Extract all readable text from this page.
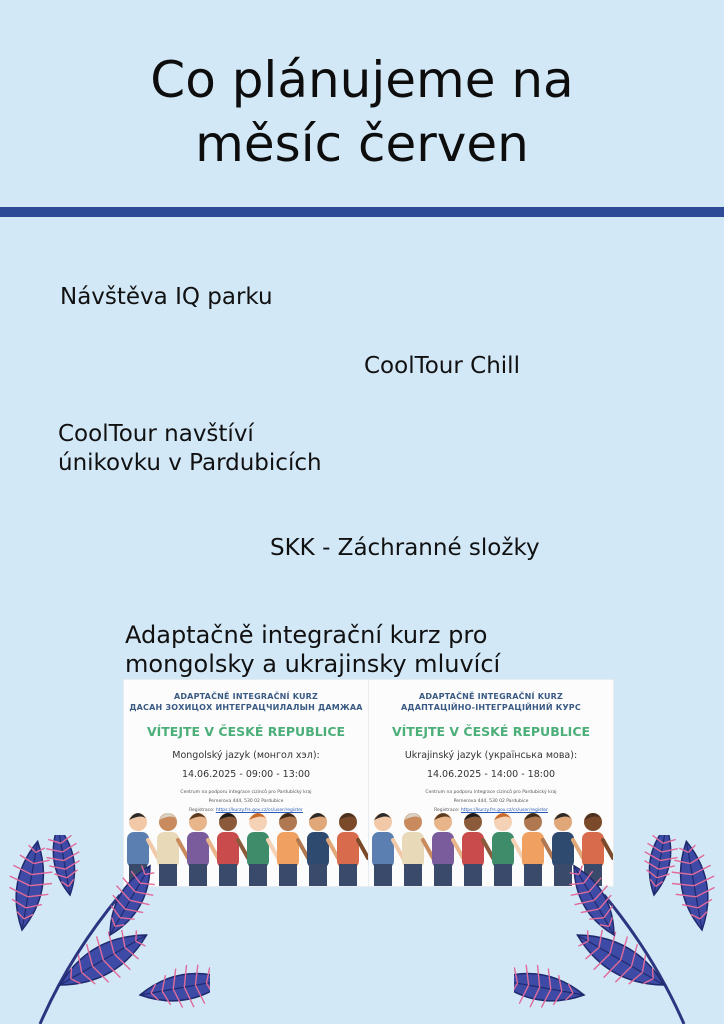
Co plánujeme na
měsíc červen
Návštěva IQ parku
CoolTour Chill
CoolTour navštíví
únikovku v Pardubicích
SKK - Záchranné složky
Adaptačně integrační kurz pro
mongolsky a ukrajinsky mluvící
ADAPTAČNĚ INTEGRAČNÍ KURZ
ДАСАН ЗОХИЦОХ ИНТЕГРАЦЧИЛАЛЫН ДАМЖАА
VÍTEJTE V ČESKÉ REPUBLICE
Mongolský jazyk (монгол хэл):
14.06.2025 - 09:00 - 13:00
Centrum na podporu integrace cizinců pro Pardubický kraj
Pernerova 444, 530 02 Pardubice
Registrace: https://kurzy.frs.gov.cz/cs/user/register
ADAPTAČNĚ INTEGRAČNÍ KURZ
АДАПТАЦІЙНО-ІНТЕГРАЦІЙНИЙ КУРС
VÍTEJTE V ČESKÉ REPUBLICE
Ukrajinský jazyk (українська мова):
14.06.2025 - 14:00 - 18:00
Centrum na podporu integrace cizinců pro Pardubický kraj
Pernerova 444, 530 02 Pardubice
Registrace: https://kurzy.frs.gov.cz/cs/user/register
